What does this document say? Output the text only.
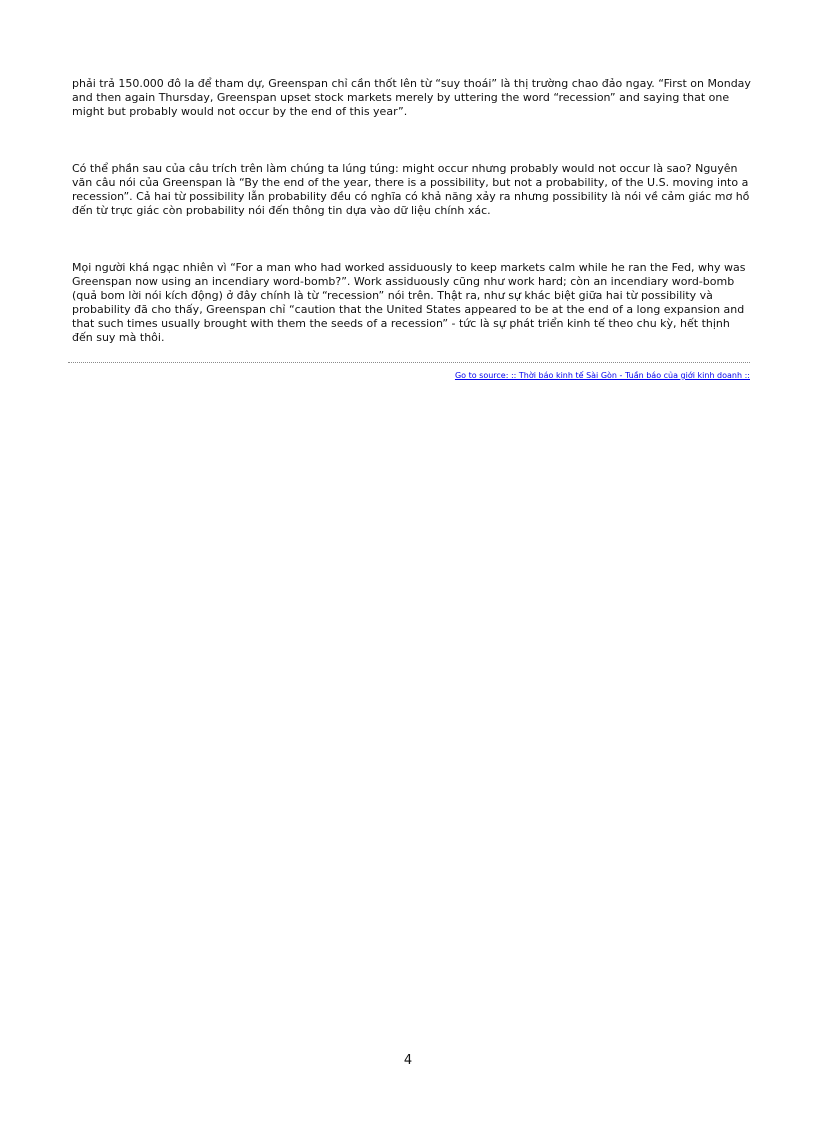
phải trả 150.000 đô la để tham dự, Greenspan chỉ cần thốt lên từ “suy thoái” là thị trường chao đảo ngay. “First on Monday and then again Thursday, Greenspan upset stock markets merely by uttering the word “recession” and saying that one might but probably would not occur by the end of this year”.

Có thể phần sau của câu trích trên làm chúng ta lúng túng: might occur nhưng probably would not occur là sao? Nguyên văn câu nói của Greenspan là “By the end of the year, there is a possibility, but not a probability, of the U.S. moving into a recession”. Cả hai từ possibility lẫn probability đều có nghĩa có khả năng xảy ra nhưng possibility là nói về cảm giác mơ hồ đến từ trực giác còn probability nói đến thông tin dựa vào dữ liệu chính xác.

Mọi người khá ngạc nhiên vì “For a man who had worked assiduously to keep markets calm while he ran the Fed, why was Greenspan now using an incendiary word-bomb?”. Work assiduously cũng như work hard; còn an incendiary word-bomb (quả bom lời nói kích động) ở đây chính là từ “recession” nói trên. Thật ra, như sự khác biệt giữa hai từ possibility và probability đã cho thấy, Greenspan chỉ “caution that the United States appeared to be at the end of a long expansion and that such times usually brought with them the seeds of a recession” - tức là sự phát triển kinh tế theo chu kỳ, hết thịnh đến suy mà thôi.

Go to source: :: Thời báo kinh tế Sài Gòn - Tuần báo của giới kinh doanh ::
4
